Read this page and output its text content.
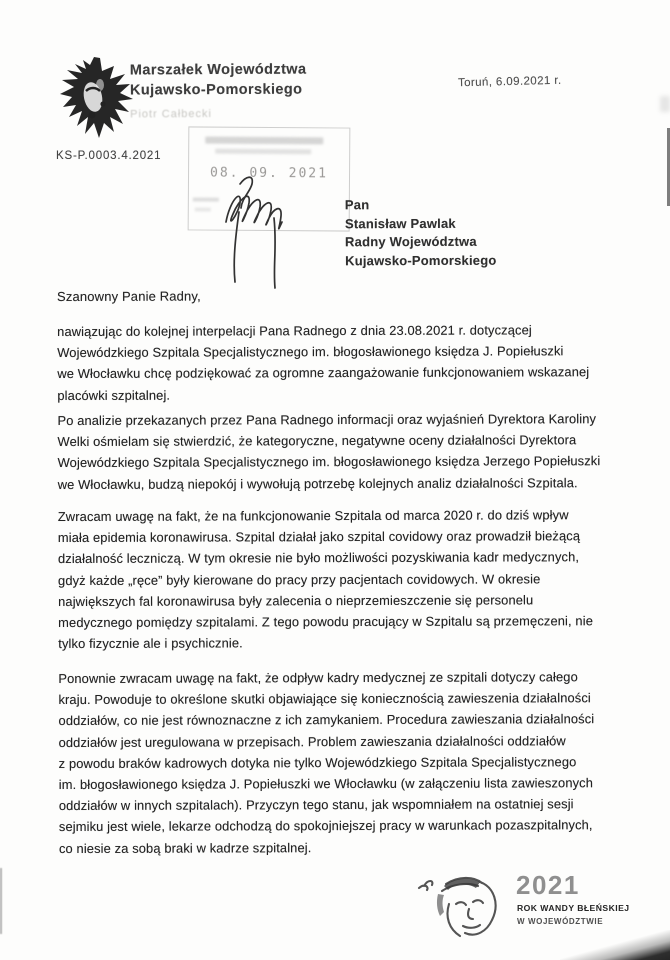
Marszałek Województwa
Kujawsko-Pomorskiego
Piotr Całbecki
Toruń, 6.09.2021 r.
KS-P.0003.4.2021
08. 09. 2021
Pan
Stanisław Pawlak
Radny Województwa
Kujawsko-Pomorskiego
Szanowny Panie Radny,
nawiązując do kolejnej interpelacji Pana Radnego z dnia 23.08.2021 r. dotyczącej
Wojewódzkiego Szpitala Specjalistycznego im. błogosławionego księdza J. Popiełuszki
we Włocławku chcę podziękować za ogromne zaangażowanie funkcjonowaniem wskazanej
placówki szpitalnej.
Po analizie przekazanych przez Pana Radnego informacji oraz wyjaśnień Dyrektora Karoliny
Welki ośmielam się stwierdzić, że kategoryczne, negatywne oceny działalności Dyrektora
Wojewódzkiego Szpitala Specjalistycznego im. błogosławionego księdza Jerzego Popiełuszki
we Włocławku, budzą niepokój i wywołują potrzebę kolejnych analiz działalności Szpitala.
Zwracam uwagę na fakt, że na funkcjonowanie Szpitala od marca 2020 r. do dziś wpływ
miała epidemia koronawirusa. Szpital działał jako szpital covidowy oraz prowadził bieżącą
działalność leczniczą. W tym okresie nie było możliwości pozyskiwania kadr medycznych,
gdyż każde „ręce” były kierowane do pracy przy pacjentach covidowych. W okresie
największych fal koronawirusa były zalecenia o nieprzemieszczenie się personelu
medycznego pomiędzy szpitalami. Z tego powodu pracujący w Szpitalu są przemęczeni, nie
tylko fizycznie ale i psychicznie.
Ponownie zwracam uwagę na fakt, że odpływ kadry medycznej ze szpitali dotyczy całego
kraju. Powoduje to określone skutki objawiające się koniecznością zawieszenia działalności
oddziałów, co nie jest równoznaczne z ich zamykaniem. Procedura zawieszania działalności
oddziałów jest uregulowana w przepisach. Problem zawieszania działalności oddziałów
z powodu braków kadrowych dotyka nie tylko Wojewódzkiego Szpitala Specjalistycznego
im. błogosławionego księdza J. Popiełuszki we Włocławku (w załączeniu lista zawieszonych
oddziałów w innych szpitalach). Przyczyn tego stanu, jak wspomniałem na ostatniej sesji
sejmiku jest wiele, lekarze odchodzą do spokojniejszej pracy w warunkach pozaszpitalnych,
co niesie za sobą braki w kadrze szpitalnej.
2021
ROK WANDY BŁEŃSKIEJ
W WOJEWÓDZTWIE
